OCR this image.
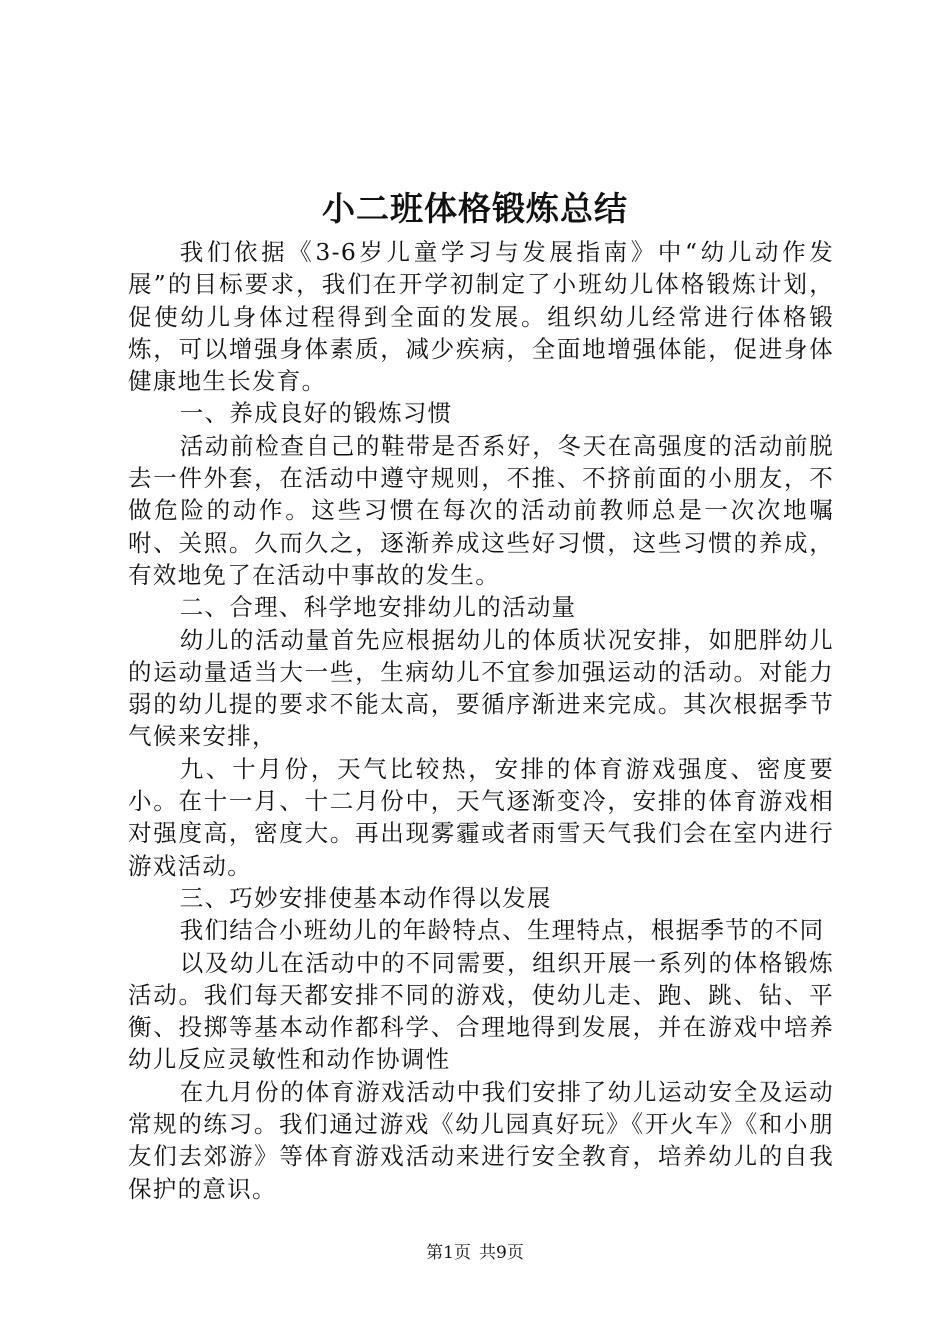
小二班体格锻炼总结

我们依据《3-6岁儿童学习与发展指南》中“幼儿动作发展”的目标要求，我们在开学初制定了小班幼儿体格锻炼计划，促使幼儿身体过程得到全面的发展。组织幼儿经常进行体格锻炼，可以增强身体素质，减少疾病，全面地增强体能，促进身体健康地生长发育。

一、养成良好的锻炼习惯

活动前检查自己的鞋带是否系好，冬天在高强度的活动前脱去一件外套，在活动中遵守规则，不推、不挤前面的小朋友，不做危险的动作。这些习惯在每次的活动前教师总是一次次地嘱咐、关照。久而久之，逐渐养成这些好习惯，这些习惯的养成，有效地免了在活动中事故的发生。

二、合理、科学地安排幼儿的活动量

幼儿的活动量首先应根据幼儿的体质状况安排，如肥胖幼儿的运动量适当大一些，生病幼儿不宜参加强运动的活动。对能力弱的幼儿提的要求不能太高，要循序渐进来完成。其次根据季节气候来安排，

九、十月份，天气比较热，安排的体育游戏强度、密度要小。在十一月、十二月份中，天气逐渐变冷，安排的体育游戏相对强度高，密度大。再出现雾霾或者雨雪天气我们会在室内进行游戏活动。

三、巧妙安排使基本动作得以发展

我们结合小班幼儿的年龄特点、生理特点，根据季节的不同

以及幼儿在活动中的不同需要，组织开展一系列的体格锻炼活动。我们每天都安排不同的游戏，使幼儿走、跑、跳、钻、平衡、投掷等基本动作都科学、合理地得到发展，并在游戏中培养幼儿反应灵敏性和动作协调性

在九月份的体育游戏活动中我们安排了幼儿运动安全及运动常规的练习。我们通过游戏《幼儿园真好玩》《开火车》《和小朋友们去郊游》等体育游戏活动来进行安全教育，培养幼儿的自我保护的意识。

第1页 共9页
